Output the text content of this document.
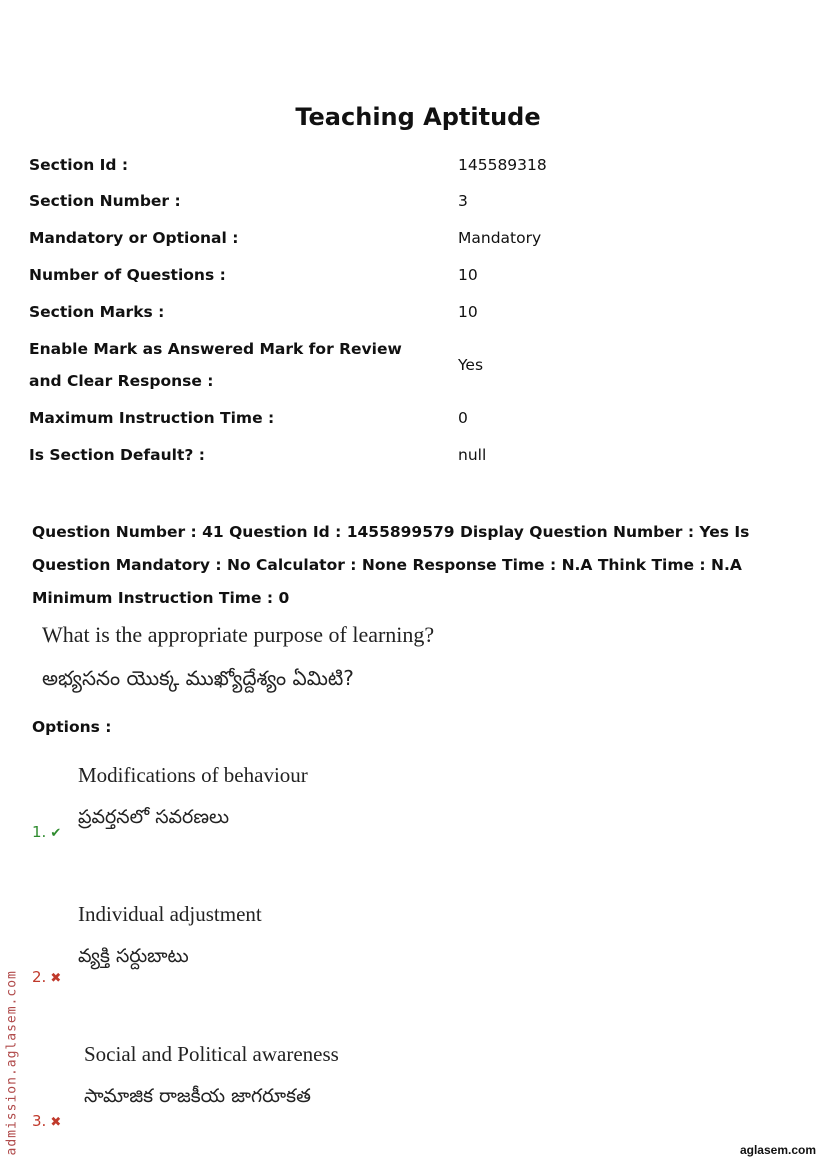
Teaching Aptitude
Section Id :	145589318
Section Number :	3
Mandatory or Optional :	Mandatory
Number of Questions :	10
Section Marks :	10
Enable Mark as Answered Mark for Review and Clear Response :
Yes
Maximum Instruction Time :	0
Is Section Default? :	null
Question Number : 41 Question Id : 1455899579 Display Question Number : Yes Is Question Mandatory : No Calculator : None Response Time : N.A Think Time : N.A Minimum Instruction Time : 0
What is the appropriate purpose of learning?
అభ్యసనం యొక్క ముఖ్యోద్దేశ్యం ఏమిటి?
Options :
Modifications of behaviour
ప్రవర్తనలో సవరణలు
1. ✔
Individual adjustment
వ్యక్తి సర్దుబాటు
2. ✖
Social and Political awareness
సామాజిక రాజకీయ జాగరూకత
3. ✖
admission.aglasem.com	aglasem.com
